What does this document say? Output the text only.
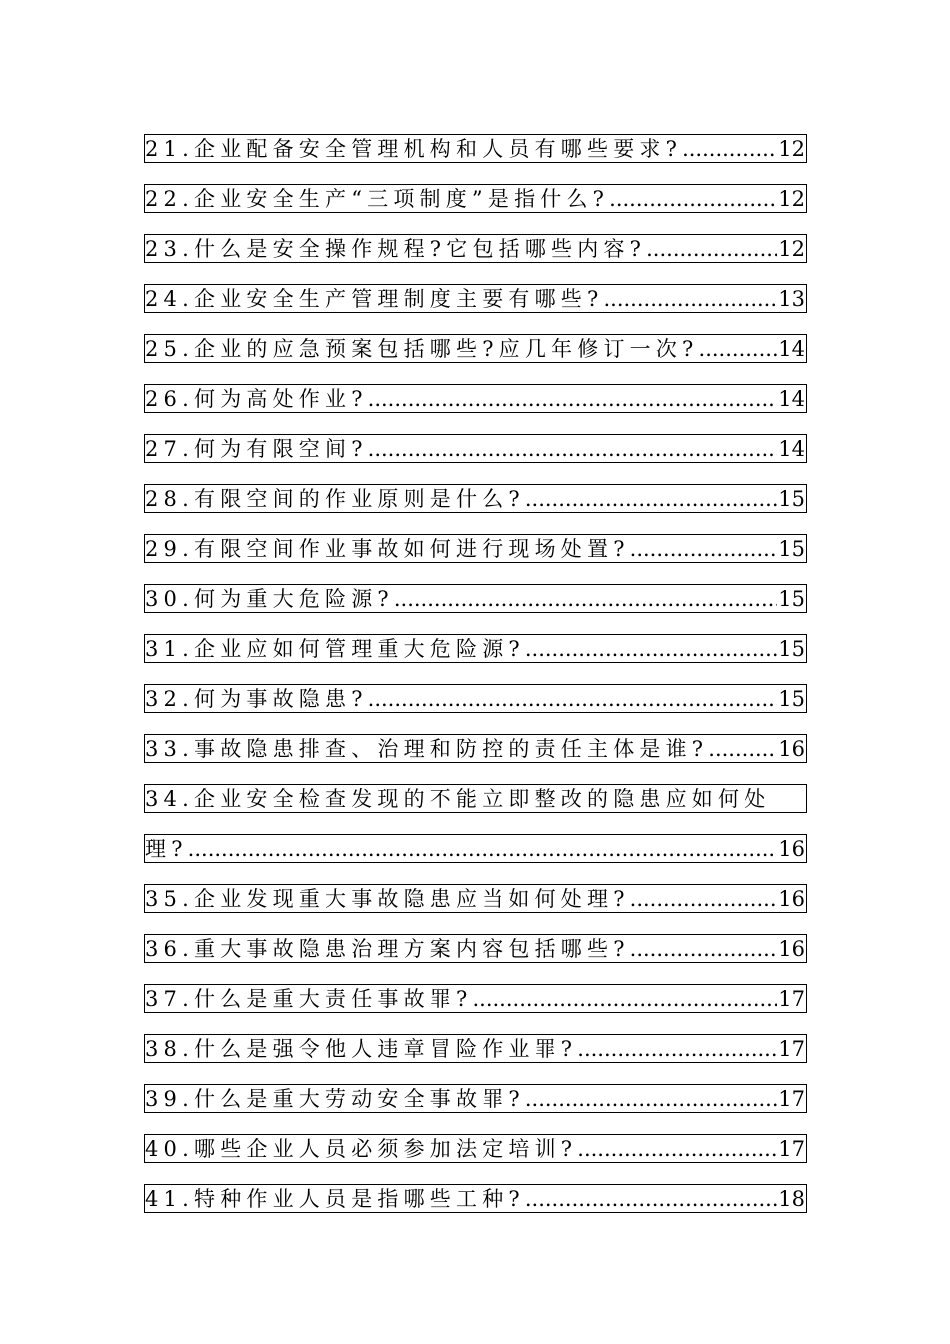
21.企业配备安全管理机构和人员有哪些要求? .....	12
22.企业安全生产“三项制度”是指什么? .....	12
23.什么是安全操作规程?它包括哪些内容? .....	12
24.企业安全生产管理制度主要有哪些? .....	13
25.企业的应急预案包括哪些?应几年修订一次? .....	14
26.何为高处作业? .....	14
27.何为有限空间? .....	14
28.有限空间的作业原则是什么? .....	15
29.有限空间作业事故如何进行现场处置? .....	15
30.何为重大危险源? .....	15
31.企业应如何管理重大危险源? .....	15
32.何为事故隐患? .....	15
33.事故隐患排查、治理和防控的责任主体是谁? .....	16
34.企业安全检查发现的不能立即整改的隐患应如何处
理? .....	16
35.企业发现重大事故隐患应当如何处理? .....	16
36.重大事故隐患治理方案内容包括哪些? .....	16
37.什么是重大责任事故罪? .....	17
38.什么是强令他人违章冒险作业罪? .....	17
39.什么是重大劳动安全事故罪? .....	17
40.哪些企业人员必须参加法定培训? .....	17
41.特种作业人员是指哪些工种? .....	18
